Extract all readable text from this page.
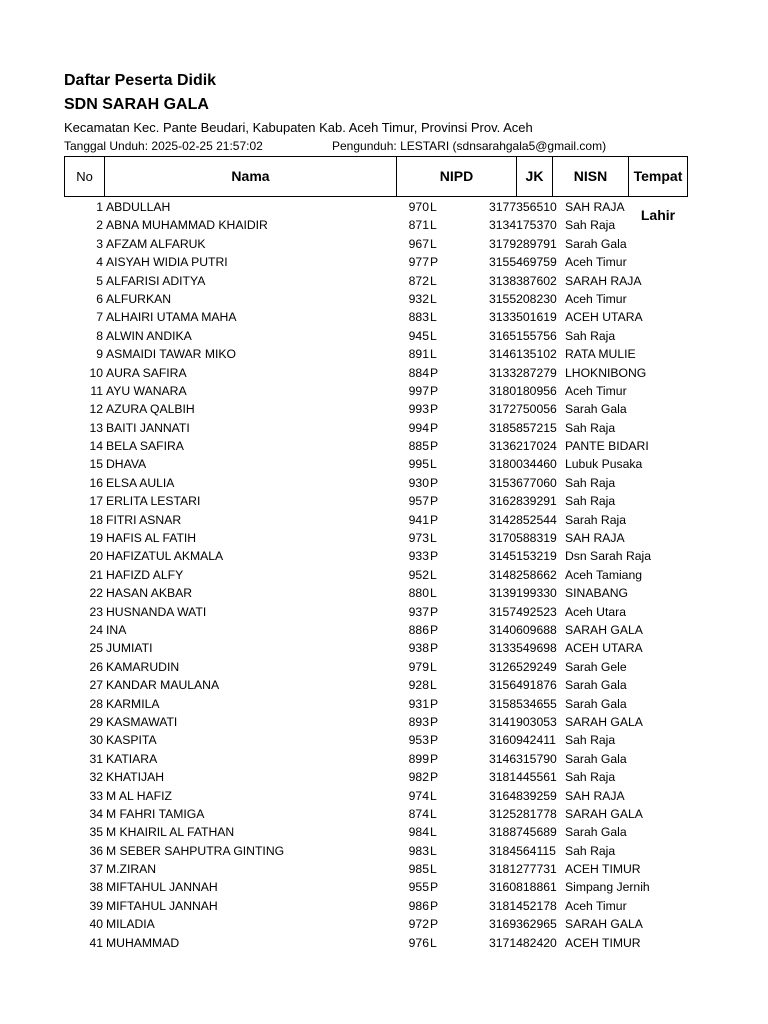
Daftar Peserta Didik
SDN SARAH GALA
Kecamatan Kec. Pante Beudari, Kabupaten Kab. Aceh Timur, Provinsi Prov. Aceh
Tanggal Unduh: 2025-02-25 21:57:02	Pengunduh: LESTARI (sdnsarahgala5@gmail.com)
No	Nama	NIPD	JK	NISN	Tempat Lahir
1 ABDULLAH	970 L	3177356510 SAH RAJA
2 ABNA MUHAMMAD KHAIDIR	871 L	3134175370 Sah Raja
3 AFZAM ALFARUK	967 L	3179289791 Sarah Gala
4 AISYAH WIDIA PUTRI	977 P	3155469759 Aceh Timur
5 ALFARISI ADITYA	872 L	3138387602 SARAH RAJA
6 ALFURKAN	932 L	3155208230 Aceh Timur
7 ALHAIRI UTAMA MAHA	883 L	3133501619 ACEH UTARA
8 ALWIN ANDIKA	945 L	3165155756 Sah Raja
9 ASMAIDI TAWAR MIKO	891 L	3146135102 RATA MULIE
10 AURA SAFIRA	884 P	3133287279 LHOKNIBONG
11 AYU WANARA	997 P	3180180956 Aceh Timur
12 AZURA QALBIH	993 P	3172750056 Sarah Gala
13 BAITI JANNATI	994 P	3185857215 Sah Raja
14 BELA SAFIRA	885 P	3136217024 PANTE BIDARI
15 DHAVA	995 L	3180034460 Lubuk Pusaka
16 ELSA AULIA	930 P	3153677060 Sah Raja
17 ERLITA LESTARI	957 P	3162839291 Sah Raja
18 FITRI ASNAR	941 P	3142852544 Sarah Raja
19 HAFIS AL FATIH	973 L	3170588319 SAH RAJA
20 HAFIZATUL AKMALA	933 P	3145153219 Dsn Sarah Raja
21 HAFIZD ALFY	952 L	3148258662 Aceh Tamiang
22 HASAN AKBAR	880 L	3139199330 SINABANG
23 HUSNANDA WATI	937 P	3157492523 Aceh Utara
24 INA	886 P	3140609688 SARAH GALA
25 JUMIATI	938 P	3133549698 ACEH UTARA
26 KAMARUDIN	979 L	3126529249 Sarah Gele
27 KANDAR MAULANA	928 L	3156491876 Sarah Gala
28 KARMILA	931 P	3158534655 Sarah Gala
29 KASMAWATI	893 P	3141903053 SARAH GALA
30 KASPITA	953 P	3160942411 Sah Raja
31 KATIARA	899 P	3146315790 Sarah Gala
32 KHATIJAH	982 P	3181445561 Sah Raja
33 M AL HAFIZ	974 L	3164839259 SAH RAJA
34 M FAHRI TAMIGA	874 L	3125281778 SARAH GALA
35 M KHAIRIL AL FATHAN	984 L	3188745689 Sarah Gala
36 M SEBER SAHPUTRA GINTING	983 L	3184564115 Sah Raja
37 M.ZIRAN	985 L	3181277731 ACEH TIMUR
38 MIFTAHUL JANNAH	955 P	3160818861 Simpang Jernih
39 MIFTAHUL JANNAH	986 P	3181452178 Aceh Timur
40 MILADIA	972 P	3169362965 SARAH GALA
41 MUHAMMAD	976 L	3171482420 ACEH TIMUR
